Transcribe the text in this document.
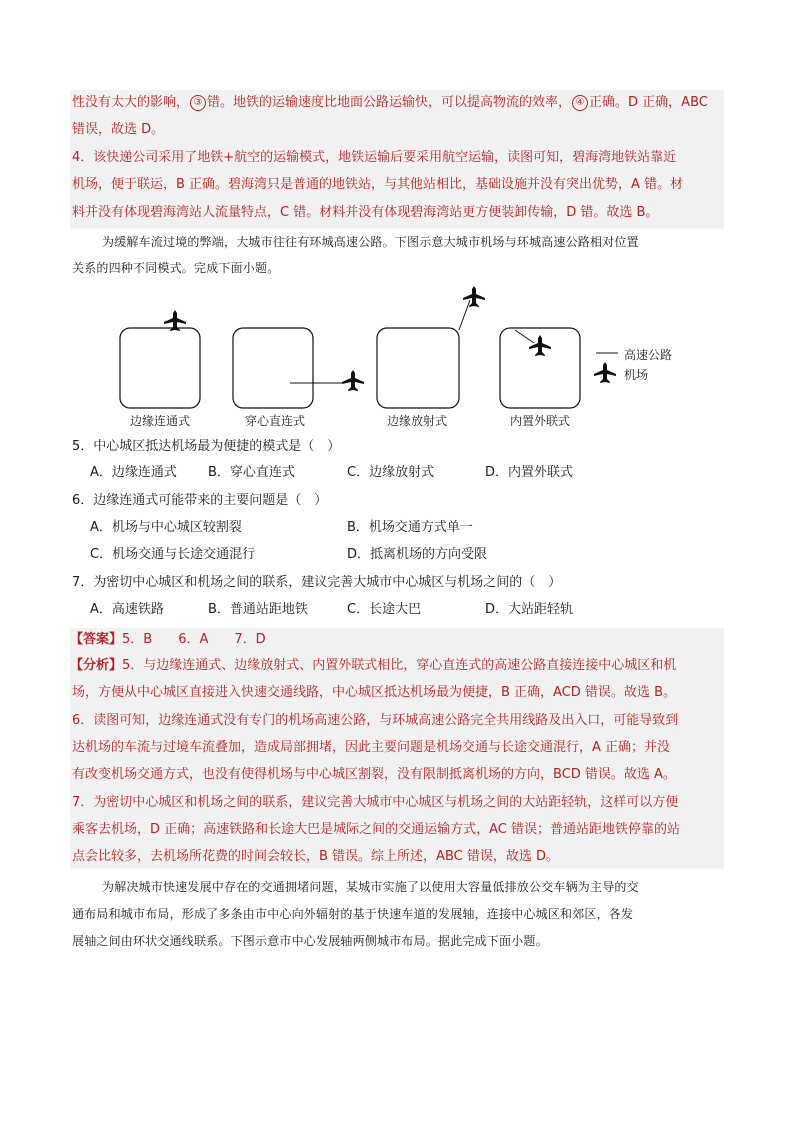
性没有太大的影响， ③ 错。地铁的运输速度比地面公路运输快，可以提高物流的效率， ④ 正确。D 正确，ABC
错误，故选 D。
4．该快递公司采用了地铁+航空的运输模式，地铁运输后要采用航空运输，读图可知，碧海湾地铁站靠近
机场，便于联运，B 正确。碧海湾只是普通的地铁站，与其他站相比，基础设施并没有突出优势，A 错。材
料并没有体现碧海湾站人流量特点，C 错。材料并没有体现碧海湾站更方便装卸传输，D 错。故选 B。
为缓解车流过境的弊端，大城市往往有环城高速公路。下图示意大城市机场与环城高速公路相对位置
关系的四种不同模式。完成下面小题。
边缘连通式	穿心直连式	边缘放射式	内置外联式
高速公路
机场
5．中心城区抵达机场最为便捷的模式是（　）
A．边缘连通式 B．穿心直连式	C．边缘放射式	D．内置外联式
6．边缘连通式可能带来的主要问题是（　）
A．机场与中心城区较割裂	B．机场交通方式单一
C．机场交通与长途交通混行	D．抵离机场的方向受限
7．为密切中心城区和机场之间的联系，建议完善大城市中心城区与机场之间的（　）
A．高速铁路	B．普通站距地铁	C．长途大巴	D．大站距轻轨
【答案】5．B　　6．A　　7．D
【分析】5．与边缘连通式、边缘放射式、内置外联式相比，穿心直连式的高速公路直接连接中心城区和机
场，方便从中心城区直接进入快速交通线路，中心城区抵达机场最为便捷，B 正确，ACD 错误。故选 B。
6．读图可知，边缘连通式没有专门的机场高速公路，与环城高速公路完全共用线路及出入口，可能导致到
达机场的车流与过境车流叠加，造成局部拥堵，因此主要问题是机场交通与长途交通混行，A 正确；并没
有改变机场交通方式，也没有使得机场与中心城区割裂，没有限制抵离机场的方向，BCD 错误。故选 A。
7．为密切中心城区和机场之间的联系，建议完善大城市中心城区与机场之间的大站距轻轨，这样可以方便
乘客去机场，D 正确；高速铁路和长途大巴是城际之间的交通运输方式，AC 错误；普通站距地铁停靠的站
点会比较多，去机场所花费的时间会较长，B 错误。综上所述，ABC 错误，故选 D。
为解决城市快速发展中存在的交通拥堵问题，某城市实施了以使用大容量低排放公交车辆为主导的交
通布局和城市布局，形成了多条由市中心向外辐射的基于快速车道的发展轴，连接中心城区和郊区，各发
展轴之间由环状交通线联系。下图示意市中心发展轴两侧城市布局。据此完成下面小题。
